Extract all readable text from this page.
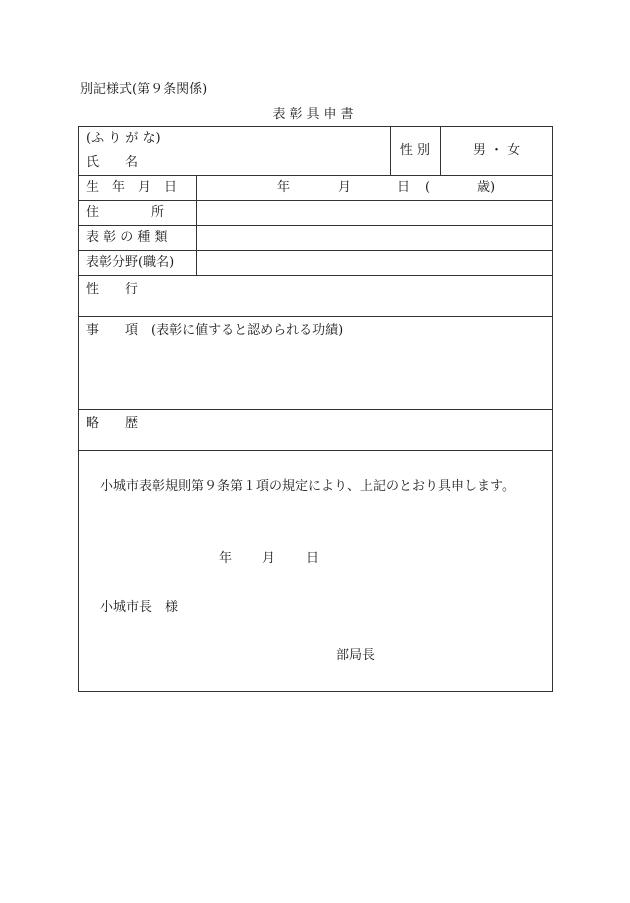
別記様式(第９条関係)
表彰具申書
(ふ り が な)
氏　　名
性 別	男 ・ 女
生　年　月　日	年	月	日 (	歳)
住　　　　所
表 彰 の 種 類
表彰分野(職名)
性　　行
事　　項　(表彰に値すると認められる功績)
略　　歴
小城市表彰規則第９条第１項の規定により、上記のとおり具申します。
年 月 日
小城市長　様
部局長
